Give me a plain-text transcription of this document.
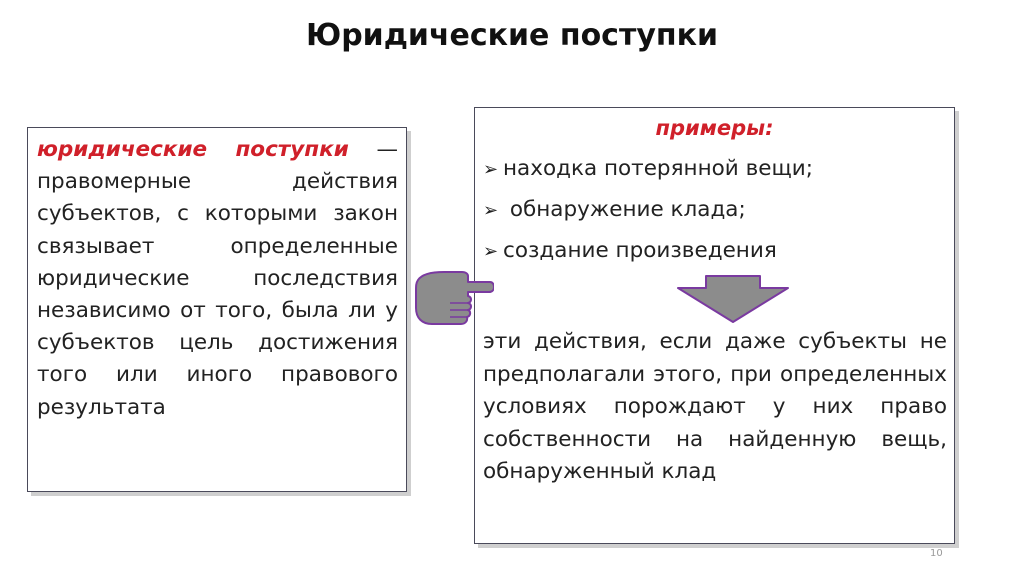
Юридические поступки
юридические поступки — правомерные действия субъектов, с которыми закон связывает определенные юридические последствия независимо от того, была ли у субъектов цель достижения того или иного правового результата
примеры:
➢ находка потерянной вещи;
➢ обнаружение клада;
➢ создание произведения
эти действия, если даже субъекты не предполагали этого, при определенных условиях порождают у них право собственности на найденную вещь, обнаруженный клад
10
